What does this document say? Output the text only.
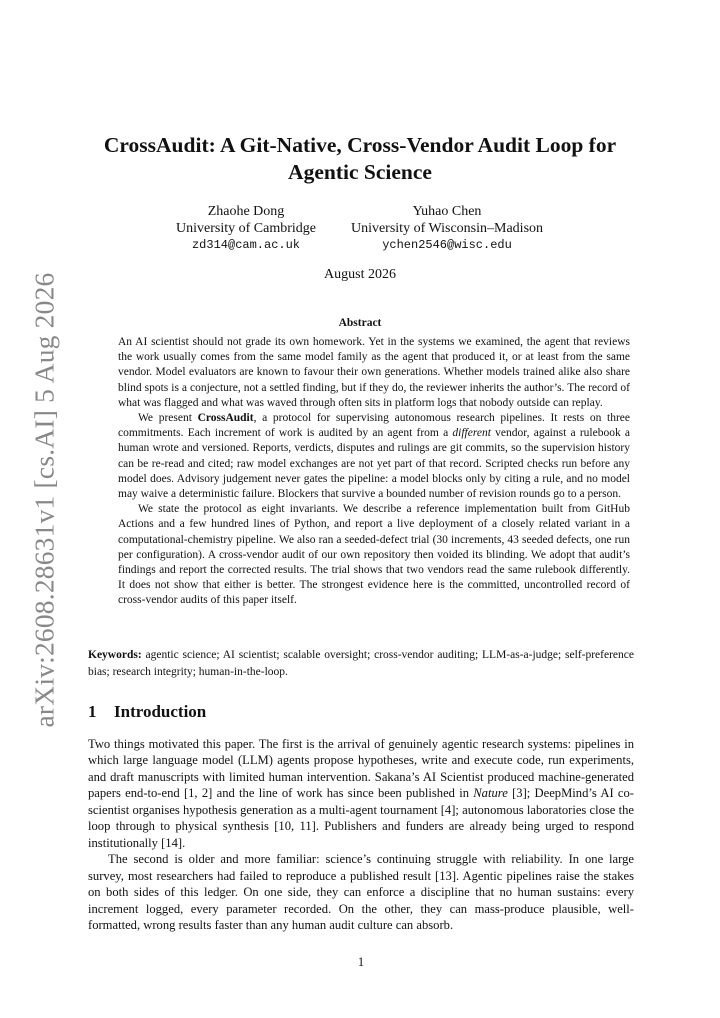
arXiv:2608.28631v1 [cs.AI] 5 Aug 2026
CrossAudit: A Git-Native, Cross-Vendor Audit Loop for Agentic Science
Zhaohe Dong
University of Cambridge
zd314@cam.ac.uk
Yuhao Chen
University of Wisconsin–Madison
ychen2546@wisc.edu
August 2026
Abstract

An AI scientist should not grade its own homework. Yet in the systems we examined, the agent that reviews the work usually comes from the same model family as the agent that produced it, or at least from the same vendor. Model evaluators are known to favour their own generations. Whether models trained alike also share blind spots is a conjecture, not a settled finding, but if they do, the reviewer inherits the author’s. The record of what was flagged and what was waved through often sits in platform logs that nobody outside can replay.

We present CrossAudit, a protocol for supervising autonomous research pipelines. It rests on three commitments. Each increment of work is audited by an agent from a different vendor, against a rulebook a human wrote and versioned. Reports, verdicts, disputes and rulings are git commits, so the supervision history can be re-read and cited; raw model exchanges are not yet part of that record. Scripted checks run before any model does. Advisory judgement never gates the pipeline: a model blocks only by citing a rule, and no model may waive a deterministic failure. Blockers that survive a bounded number of revision rounds go to a person.

We state the protocol as eight invariants. We describe a reference implementation built from GitHub Actions and a few hundred lines of Python, and report a live deployment of a closely related variant in a computational-chemistry pipeline. We also ran a seeded-defect trial (30 increments, 43 seeded defects, one run per configuration). A cross-vendor audit of our own repository then voided its blinding. We adopt that audit’s findings and report the corrected results. The trial shows that two vendors read the same rulebook differently. It does not show that either is better. The strongest evidence here is the committed, uncontrolled record of cross-vendor audits of this paper itself.

Keywords: agentic science; AI scientist; scalable oversight; cross-vendor auditing; LLM-as-a-judge; self-preference bias; research integrity; human-in-the-loop.
1 Introduction

Two things motivated this paper. The first is the arrival of genuinely agentic research systems: pipelines in which large language model (LLM) agents propose hypotheses, write and execute code, run experiments, and draft manuscripts with limited human intervention. Sakana’s AI Scientist produced machine-generated papers end-to-end [1, 2] and the line of work has since been published in Nature [3]; DeepMind’s AI co-scientist organises hypothesis generation as a multi-agent tournament [4]; autonomous laboratories close the loop through to physical synthesis [10, 11]. Publishers and funders are already being urged to respond institutionally [14].

The second is older and more familiar: science’s continuing struggle with reliability. In one large survey, most researchers had failed to reproduce a published result [13]. Agentic pipelines raise the stakes on both sides of this ledger. On one side, they can enforce a discipline that no human sustains: every increment logged, every parameter recorded. On the other, they can mass-produce plausible, well-formatted, wrong results faster than any human audit culture can absorb.

1
